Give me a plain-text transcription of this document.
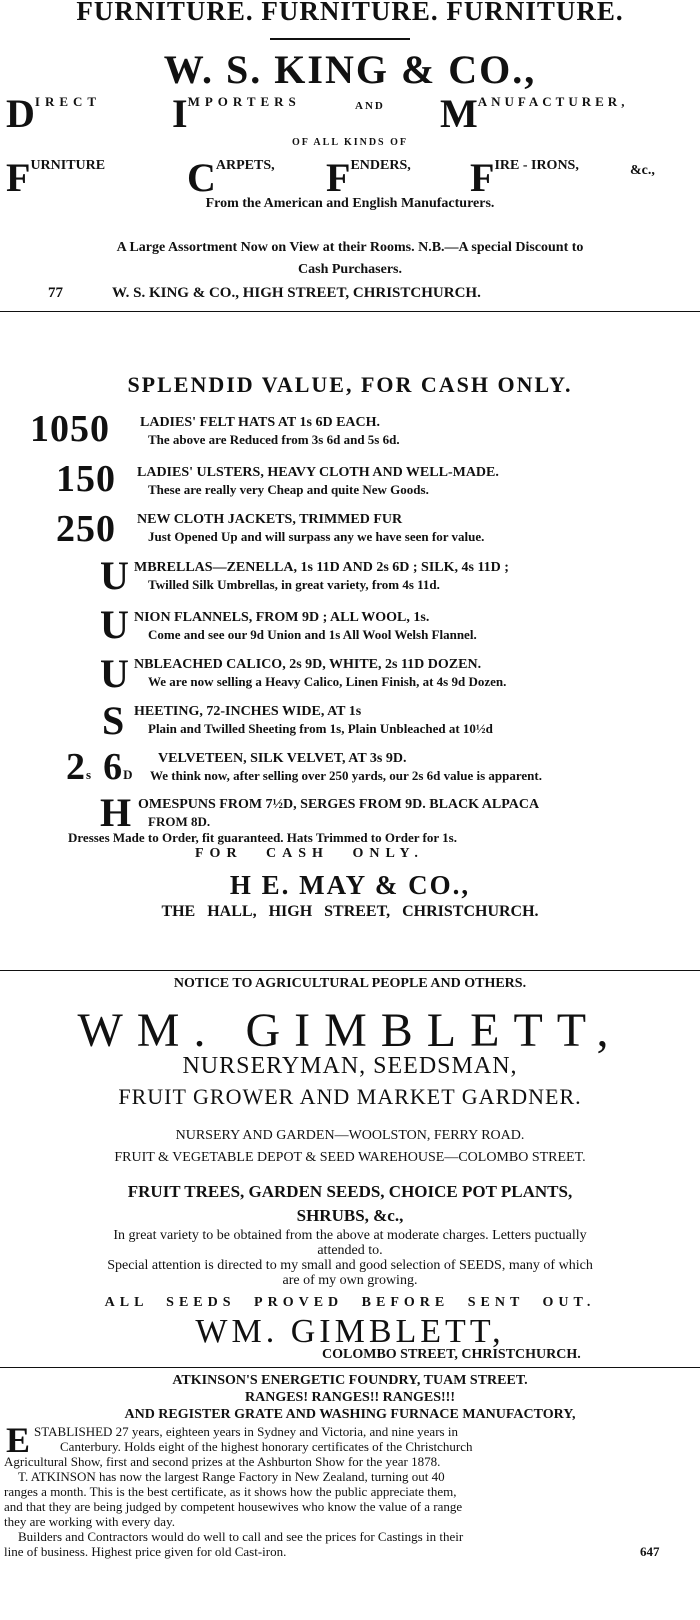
FURNITURE. FURNITURE. FURNITURE.
W. S. KING & CO.,
$D^{IRECT}$ $I^{MPORTERS}$	AND $M^{ANUFACTURER,}$
OF ALL KINDS OF
FURNITURE CARPETS, FENDERS, FIRE - IRONS,	&c.,
From the American and English Manufacturers.
A Large Assortment Now on View at their Rooms. N.B.—A special Discount to
Cash Purchasers.
77	W. S. KING & CO., HIGH STREET, CHRISTCHURCH.
SPLENDID VALUE, FOR CASH ONLY.
1050 LADIES' FELT HATS AT 1s 6D EACH.
The above are Reduced from 3s 6d and 5s 6d.
150 LADIES' ULSTERS, HEAVY CLOTH AND WELL-MADE.
These are really very Cheap and quite New Goods.
250 NEW CLOTH JACKETS, TRIMMED FUR
Just Opened Up and will surpass any we have seen for value.
U MBRELLAS—ZENELLA, 1s 11D AND 2s 6D ; SILK, 4s 11D ;
Twilled Silk Umbrellas, in great variety, from 4s 11d.
U NION FLANNELS, FROM 9D ; ALL WOOL, 1s.
Come and see our 9d Union and 1s All Wool Welsh Flannel.
U NBLEACHED CALICO, 2s 9D, WHITE, 2s 11D DOZEN.
We are now selling a Heavy Calico, Linen Finish, at 4s 9d Dozen.
S HEETING, 72-INCHES WIDE, AT 1s
Plain and Twilled Sheeting from 1s, Plain Unbleached at 10½d
2s 6D
VELVETEEN, SILK VELVET, AT 3s 9D.
We think now, after selling over 250 yards, our 2s 6d value is apparent.
H OMESPUNS FROM 7½D, SERGES FROM 9D. BLACK ALPACA
FROM 8D.
Dresses Made to Order, fit guaranteed. Hats Trimmed to Order for 1s.
FOR CASH ONLY.
H E. MAY & CO.,
THE HALL, HIGH STREET, CHRISTCHURCH.
NOTICE TO AGRICULTURAL PEOPLE AND OTHERS.
WM. GIMBLETT,
NURSERYMAN, SEEDSMAN,
FRUIT GROWER AND MARKET GARDNER.
NURSERY AND GARDEN—WOOLSTON, FERRY ROAD.
FRUIT & VEGETABLE DEPOT & SEED WAREHOUSE—COLOMBO STREET.
FRUIT TREES, GARDEN SEEDS, CHOICE POT PLANTS,
SHRUBS, &c.,
In great variety to be obtained from the above at moderate charges. Letters puctually
attended to.
Special attention is directed to my small and good selection of SEEDS, many of which
are of my own growing.
ALL SEEDS PROVED BEFORE SENT OUT.
WM. GIMBLETT,
COLOMBO STREET, CHRISTCHURCH.
ATKINSON'S ENERGETIC FOUNDRY, TUAM STREET.
RANGES! RANGES!! RANGES!!!
AND REGISTER GRATE AND WASHING FURNACE MANUFACTORY,
E STABLISHED 27 years, eighteen years in Sydney and Victoria, and nine years in
Canterbury. Holds eight of the highest honorary certificates of the Christchurch
Agricultural Show, first and second prizes at the Ashburton Show for the year 1878.
T. ATKINSON has now the largest Range Factory in New Zealand, turning out 40
ranges a month. This is the best certificate, as it shows how the public appreciate them,
and that they are being judged by competent housewives who know the value of a range
they are working with every day.
Builders and Contractors would do well to call and see the prices for Castings in their
line of business. Highest price given for old Cast-iron.	647
